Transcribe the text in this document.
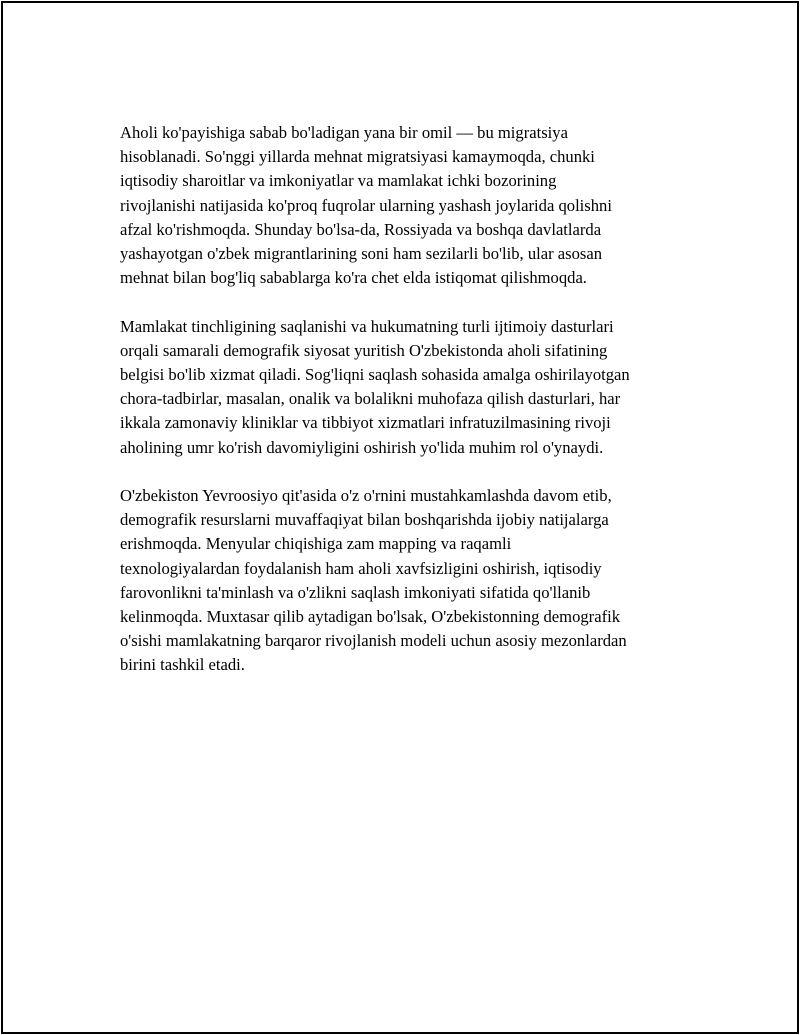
Aholi ko'payishiga sabab bo'ladigan yana bir omil — bu migratsiya
hisoblanadi. So'nggi yillarda mehnat migratsiyasi kamaymoqda, chunki
iqtisodiy sharoitlar va imkoniyatlar va mamlakat ichki bozorining
rivojlanishi natijasida ko'proq fuqrolar ularning yashash joylarida qolishni
afzal ko'rishmoqda. Shunday bo'lsa-da, Rossiyada va boshqa davlatlarda
yashayotgan o'zbek migrantlarining soni ham sezilarli bo'lib, ular asosan
mehnat bilan bog'liq sabablarga ko'ra chet elda istiqomat qilishmoqda.

Mamlakat tinchligining saqlanishi va hukumatning turli ijtimoiy dasturlari
orqali samarali demografik siyosat yuritish O'zbekistonda aholi sifatining
belgisi bo'lib xizmat qiladi. Sog'liqni saqlash sohasida amalga oshirilayotgan
chora-tadbirlar, masalan, onalik va bolalikni muhofaza qilish dasturlari, har
ikkala zamonaviy kliniklar va tibbiyot xizmatlari infratuzilmasining rivoji
aholining umr ko'rish davomiyligini oshirish yo'lida muhim rol o'ynaydi.

O'zbekiston Yevroosiyo qit'asida o'z o'rnini mustahkamlashda davom etib,
demografik resurslarni muvaffaqiyat bilan boshqarishda ijobiy natijalarga
erishmoqda. Menyular chiqishiga zam mapping va raqamli
texnologiyalardan foydalanish ham aholi xavfsizligini oshirish, iqtisodiy
farovonlikni ta'minlash va o'zlikni saqlash imkoniyati sifatida qo'llanib
kelinmoqda. Muxtasar qilib aytadigan bo'lsak, O'zbekistonning demografik
o'sishi mamlakatning barqaror rivojlanish modeli uchun asosiy mezonlardan
birini tashkil etadi.
